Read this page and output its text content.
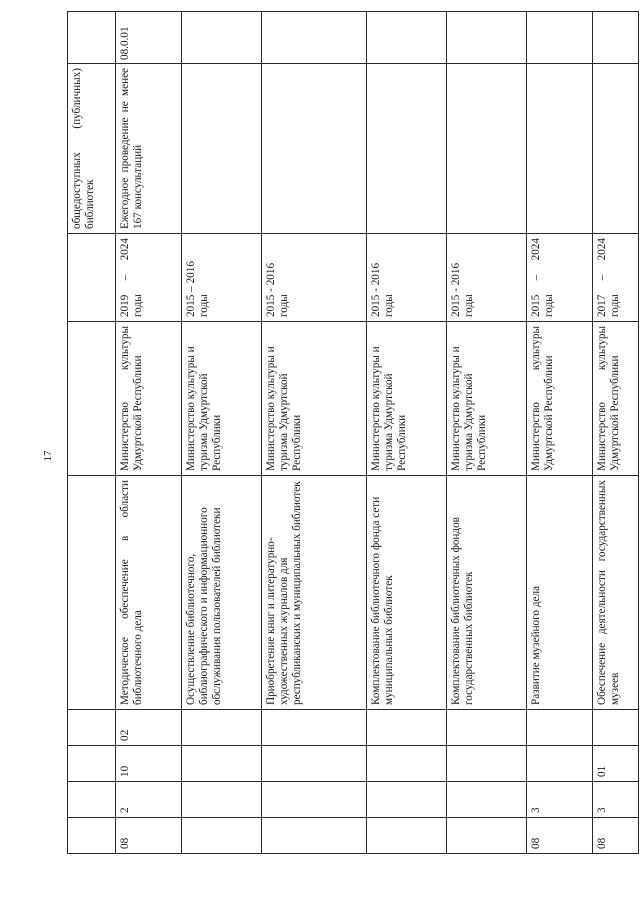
17
							общедоступных (публичных) библиотек	
08	2	10	02	Методическое обеспечение в области библиотечного дела	Министерство культуры Удмуртской Республики	2019 – 2024 годы	Ежегодное проведение не менее 167 консультаций	08.0.01
				Осуществление библиотечного, библиографического и информационного обслуживания пользователей библиотеки	Министерство культуры и туризма Удмуртской Республики	2015 – 2016 годы		
				Приобретение книг и литературно-художественных журналов для республиканских и муниципальных библиотек	Министерство культуры и туризма Удмуртской Республики	2015 - 2016 годы		
				Комплектование библиотечного фонда сети муниципальных библиотек	Министерство культуры и туризма Удмуртской Республики	2015 - 2016 годы		
				Комплектование библиотечных фондов государственных библиотек	Министерство культуры и туризма Удмуртской Республики	2015 - 2016 годы		
08	3			Развитие музейного дела	Министерство культуры Удмуртской Республики	2015 – 2024 годы		
08	3	01		Обеспечение деятельности государственных музеев	Министерство культуры Удмуртской Республики	2017 – 2024 годы		
